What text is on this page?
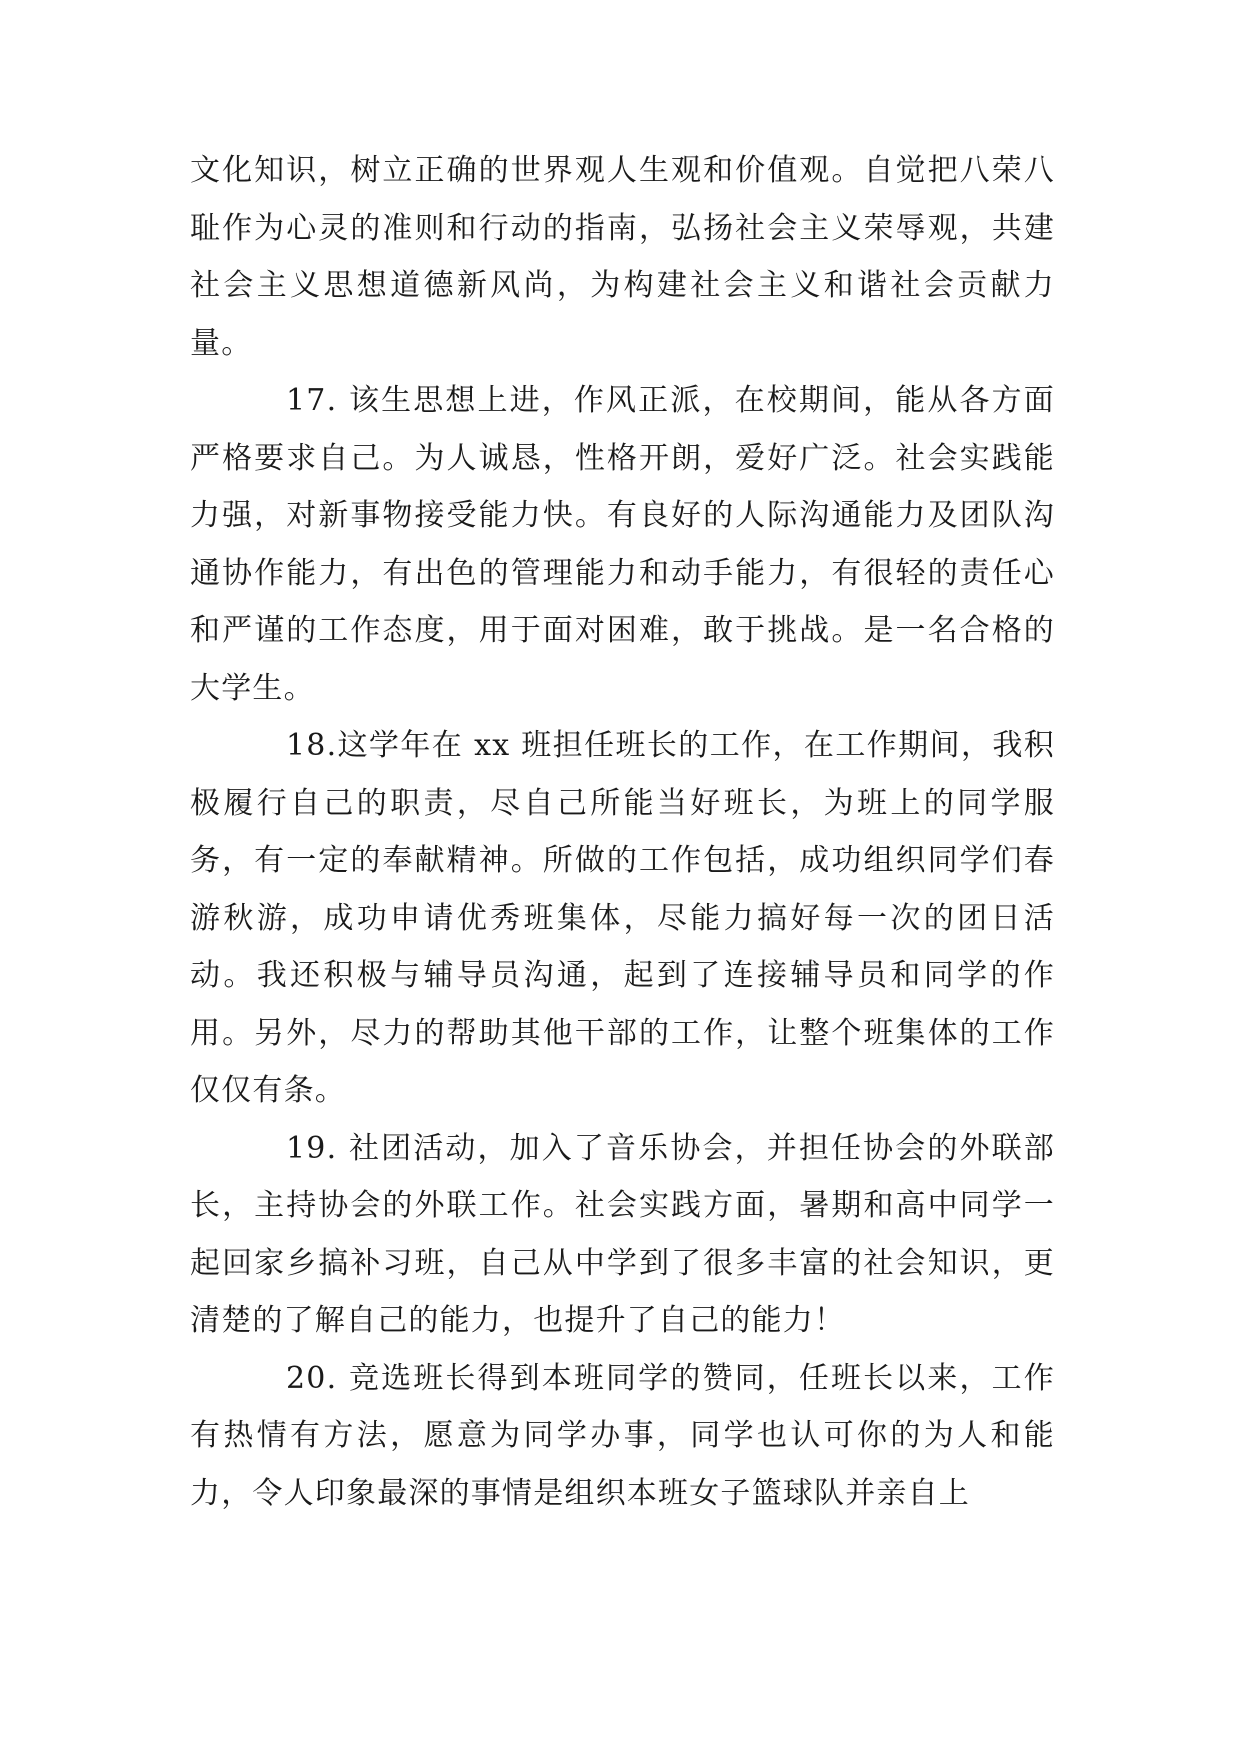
文化知识，树立正确的世界观人生观和价值观。自觉把八荣八耻作为心灵的准则和行动的指南，弘扬社会主义荣辱观，共建社会主义思想道德新风尚，为构建社会主义和谐社会贡献力量。

17. 该生思想上进，作风正派，在校期间，能从各方面严格要求自己。为人诚恳，性格开朗，爱好广泛。社会实践能力强，对新事物接受能力快。有良好的人际沟通能力及团队沟通协作能力，有出色的管理能力和动手能力，有很轻的责任心和严谨的工作态度，用于面对困难，敢于挑战。是一名合格的大学生。

18.这学年在 xx 班担任班长的工作，在工作期间，我积极履行自己的职责，尽自己所能当好班长，为班上的同学服务，有一定的奉献精神。所做的工作包括，成功组织同学们春游秋游，成功申请优秀班集体，尽能力搞好每一次的团日活动。我还积极与辅导员沟通，起到了连接辅导员和同学的作用。另外，尽力的帮助其他干部的工作，让整个班集体的工作仅仅有条。

19. 社团活动，加入了音乐协会，并担任协会的外联部长，主持协会的外联工作。社会实践方面，暑期和高中同学一起回家乡搞补习班，自己从中学到了很多丰富的社会知识，更清楚的了解自己的能力，也提升了自己的能力！

20. 竞选班长得到本班同学的赞同，任班长以来，工作有热情有方法，愿意为同学办事，同学也认可你的为人和能力，令人印象最深的事情是组织本班女子篮球队并亲自上
